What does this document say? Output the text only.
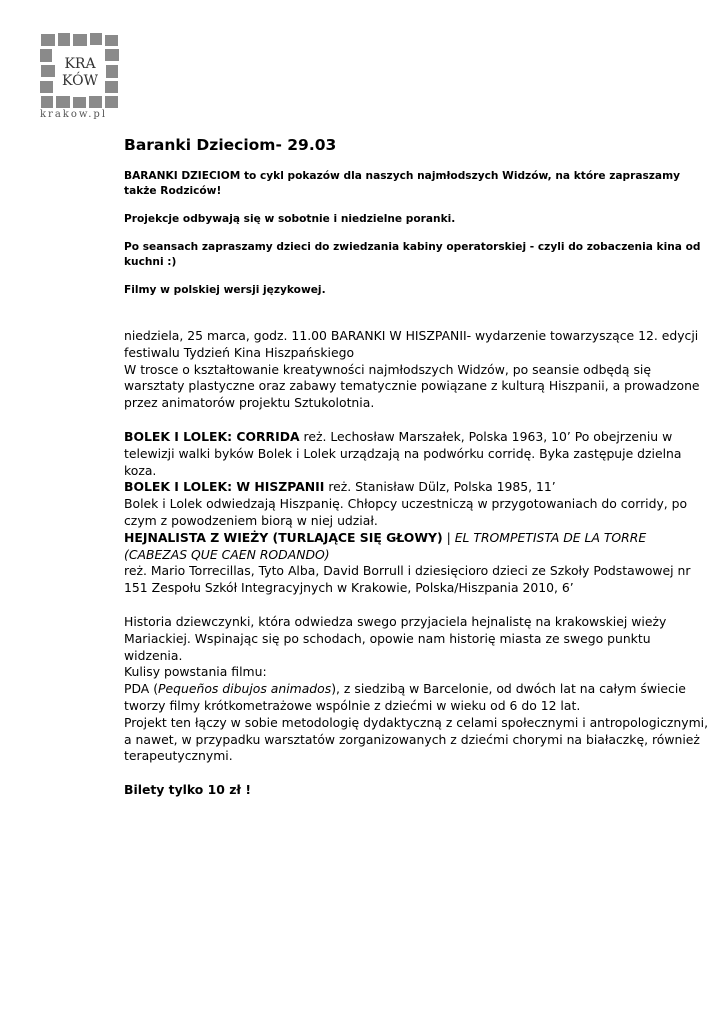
KRA
KÓW
krakow.pl
Baranki Dzieciom- 29.03

BARANKI DZIECIOM to cykl pokazów dla naszych najmłodszych Widzów, na które zapraszamy także Rodziców!

Projekcje odbywają się w sobotnie i niedzielne poranki.

Po seansach zapraszamy dzieci do zwiedzania kabiny operatorskiej - czyli do zobaczenia kina od kuchni :)

Filmy w polskiej wersji językowej.

niedziela, 25 marca, godz. 11.00 BARANKI W HISZPANII- wydarzenie towarzyszące 12. edycji festiwalu Tydzień Kina Hiszpańskiego

W trosce o kształtowanie kreatywności najmłodszych Widzów, po seansie odbędą się warsztaty plastyczne oraz zabawy tematycznie powiązane z kulturą Hiszpanii, a prowadzone przez animatorów projektu Sztukolotnia.

BOLEK I LOLEK: CORRIDA reż. Lechosław Marszałek, Polska 1963, 10’ Po obejrzeniu w telewizji walki byków Bolek i Lolek urządzają na podwórku corridę. Byka zastępuje dzielna koza.

BOLEK I LOLEK: W HISZPANII reż. Stanisław Dülz, Polska 1985, 11’

Bolek i Lolek odwiedzają Hiszpanię. Chłopcy uczestniczą w przygotowaniach do corridy, po czym z powodzeniem biorą w niej udział.

HEJNALISTA Z WIEŻY (TURLAJĄCE SIĘ GŁOWY) | EL TROMPETISTA DE LA TORRE (CABEZAS QUE CAEN RODANDO)

reż. Mario Torrecillas, Tyto Alba, David Borrull i dziesięcioro dzieci ze Szkoły Podstawowej nr 151 Zespołu Szkół Integracyjnych w Krakowie, Polska/Hiszpania 2010, 6’

Historia dziewczynki, która odwiedza swego przyjaciela hejnalistę na krakowskiej wieży Mariackiej. Wspinając się po schodach, opowie nam historię miasta ze swego punktu widzenia.

Kulisy powstania filmu:

PDA (Pequeños dibujos animados), z siedzibą w Barcelonie, od dwóch lat na całym świecie tworzy filmy krótkometrażowe wspólnie z dziećmi w wieku od 6 do 12 lat.

Projekt ten łączy w sobie metodologię dydaktyczną z celami społecznymi i antropologicznymi, a nawet, w przypadku warsztatów zorganizowanych z dziećmi chorymi na białaczkę, również terapeutycznymi.

Bilety tylko 10 zł !
